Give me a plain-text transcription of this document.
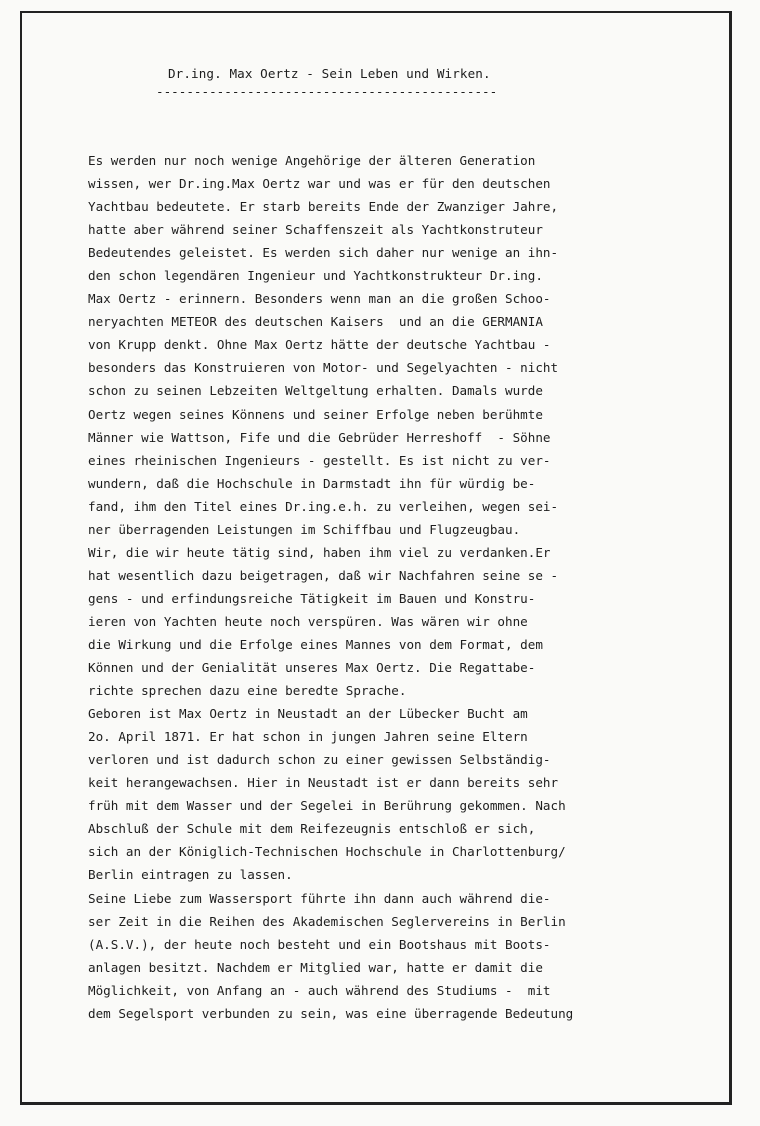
Dr.ing. Max Oertz - Sein Leben und Wirken.
---------------------------------------------
Es werden nur noch wenige Angehörige der älteren Generation
wissen, wer Dr.ing.Max Oertz war und was er für den deutschen
Yachtbau bedeutete. Er starb bereits Ende der Zwanziger Jahre,
hatte aber während seiner Schaffenszeit als Yachtkonstruteur
Bedeutendes geleistet. Es werden sich daher nur wenige an ihn-
den schon legendären Ingenieur und Yachtkonstrukteur Dr.ing.
Max Oertz - erinnern. Besonders wenn man an die großen Schoo-
neryachten METEOR des deutschen Kaisers  und an die GERMANIA
von Krupp denkt. Ohne Max Oertz hätte der deutsche Yachtbau -
besonders das Konstruieren von Motor- und Segelyachten - nicht
schon zu seinen Lebzeiten Weltgeltung erhalten. Damals wurde
Oertz wegen seines Könnens und seiner Erfolge neben berühmte
Männer wie Wattson, Fife und die Gebrüder Herreshoff  - Söhne
eines rheinischen Ingenieurs - gestellt. Es ist nicht zu ver-
wundern, daß die Hochschule in Darmstadt ihn für würdig be-
fand, ihm den Titel eines Dr.ing.e.h. zu verleihen, wegen sei-
ner überragenden Leistungen im Schiffbau und Flugzeugbau.
Wir, die wir heute tätig sind, haben ihm viel zu verdanken.Er
hat wesentlich dazu beigetragen, daß wir Nachfahren seine se -
gens - und erfindungsreiche Tätigkeit im Bauen und Konstru-
ieren von Yachten heute noch verspüren. Was wären wir ohne
die Wirkung und die Erfolge eines Mannes von dem Format, dem
Können und der Genialität unseres Max Oertz. Die Regattabe-
richte sprechen dazu eine beredte Sprache.
Geboren ist Max Oertz in Neustadt an der Lübecker Bucht am
2o. April 1871. Er hat schon in jungen Jahren seine Eltern
verloren und ist dadurch schon zu einer gewissen Selbständig-
keit herangewachsen. Hier in Neustadt ist er dann bereits sehr
früh mit dem Wasser und der Segelei in Berührung gekommen. Nach
Abschluß der Schule mit dem Reifezeugnis entschloß er sich,
sich an der Königlich-Technischen Hochschule in Charlottenburg/
Berlin eintragen zu lassen.
Seine Liebe zum Wassersport führte ihn dann auch während die-
ser Zeit in die Reihen des Akademischen Seglervereins in Berlin
(A.S.V.), der heute noch besteht und ein Bootshaus mit Boots-
anlagen besitzt. Nachdem er Mitglied war, hatte er damit die
Möglichkeit, von Anfang an - auch während des Studiums -  mit
dem Segelsport verbunden zu sein, was eine überragende Bedeutung
